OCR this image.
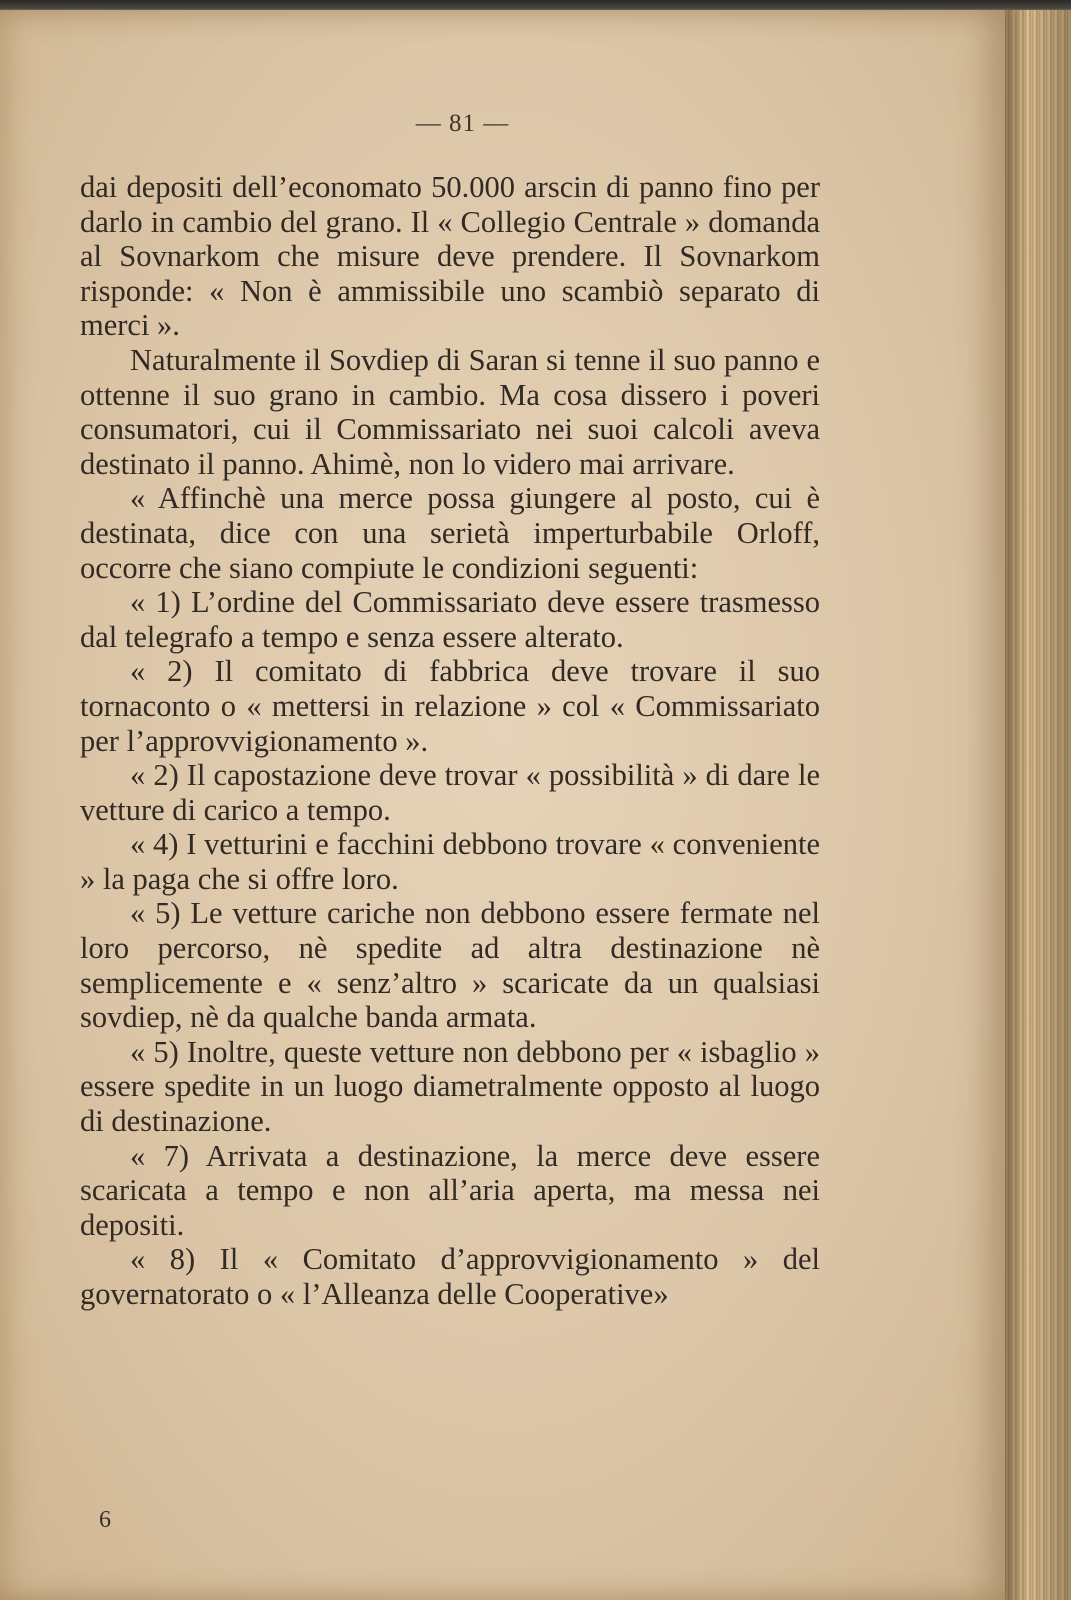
— 81 —

dai depositi dell’economato 50.000 arscin di panno fino per darlo in cambio del grano. Il « Collegio Centrale » domanda al Sovnarkom che misure deve prendere. Il Sovnarkom risponde: « Non è ammissibile uno scambiò separato di merci ».

Naturalmente il Sovdiep di Saran si tenne il suo panno e ottenne il suo grano in cambio. Ma cosa dissero i poveri consumatori, cui il Commissariato nei suoi calcoli aveva destinato il panno. Ahimè, non lo videro mai arrivare.

« Affinchè una merce possa giungere al posto, cui è destinata, dice con una serietà imperturbabile Orloff, occorre che siano compiute le condizioni seguenti:

« 1) L’ordine del Commissariato deve essere trasmesso dal telegrafo a tempo e senza essere alterato.

« 2) Il comitato di fabbrica deve trovare il suo tornaconto o « mettersi in relazione » col « Commissariato per l’approvvigionamento ».

« 2) Il capostazione deve trovar « possibilità » di dare le vetture di carico a tempo.

« 4) I vetturini e facchini debbono trovare « conveniente » la paga che si offre loro.

« 5) Le vetture cariche non debbono essere fermate nel loro percorso, nè spedite ad altra destinazione nè semplicemente e « senz’altro » scaricate da un qualsiasi sovdiep, nè da qualche banda armata.

« 5) Inoltre, queste vetture non debbono per « isbaglio » essere spedite in un luogo diametralmente opposto al luogo di destinazione.

« 7) Arrivata a destinazione, la merce deve essere scaricata a tempo e non all’aria aperta, ma messa nei depositi.

« 8) Il « Comitato d’approvvigionamento » del governatorato o « l’Alleanza delle Cooperative»

6
